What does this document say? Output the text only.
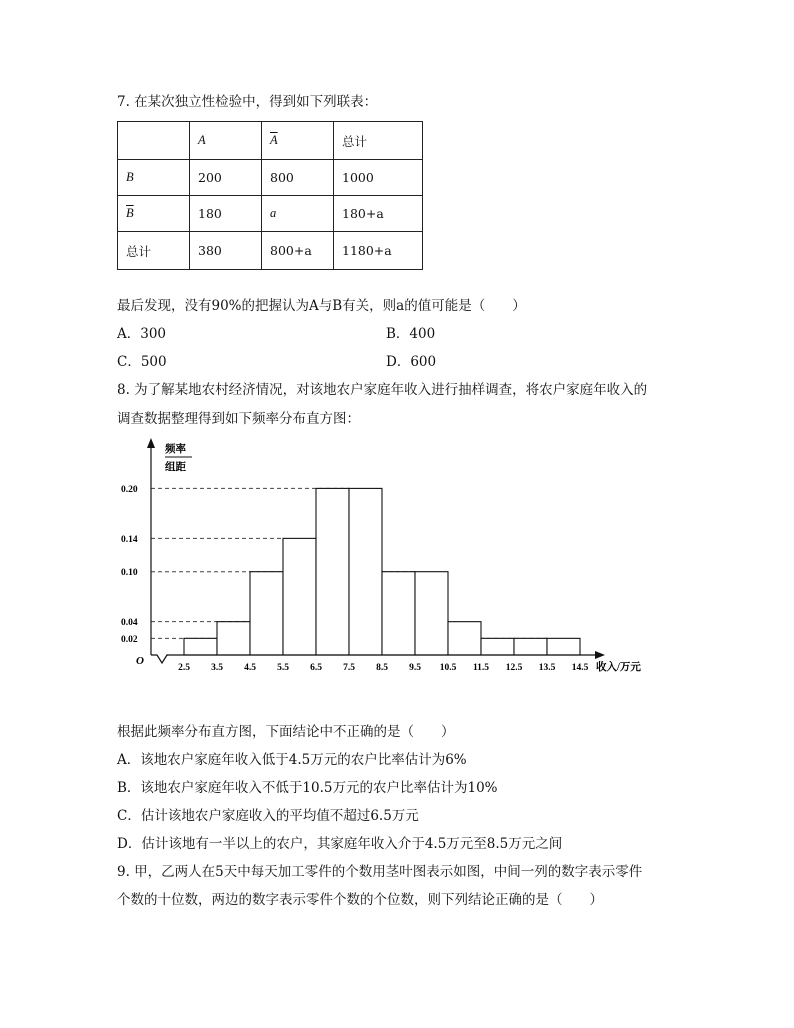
7. 在某次独立性检验中，得到如下列联表：
	A	$\overline{A}$	总计
B	200	800	1000
$\overline{B}$	180	a	180+a
总计	380	800+a	1180+a
最后发现，没有90%的把握认为A与B有关，则a的值可能是（　　）
A．300	B．400
C．500	D．600
8. 为了解某地农村经济情况，对该地农户家庭年收入进行抽样调查，将农户家庭年收入的
调查数据整理得到如下频率分布直方图：
频率
组距
O
收入/万元
0.20
0.14
0.10
0.04
0.02
2.5 3.5 4.5 5.5 6.5 7.5 8.5 9.5 10.5 11.5 12.5 13.5 14.5
根据此频率分布直方图，下面结论中不正确的是（　　）
A．该地农户家庭年收入低于4.5万元的农户比率估计为6%
B．该地农户家庭年收入不低于10.5万元的农户比率估计为10%
C．估计该地农户家庭收入的平均值不超过6.5万元
D．估计该地有一半以上的农户，其家庭年收入介于4.5万元至8.5万元之间
9. 甲，乙两人在5天中每天加工零件的个数用茎叶图表示如图，中间一列的数字表示零件
个数的十位数，两边的数字表示零件个数的个位数，则下列结论正确的是（　　）
